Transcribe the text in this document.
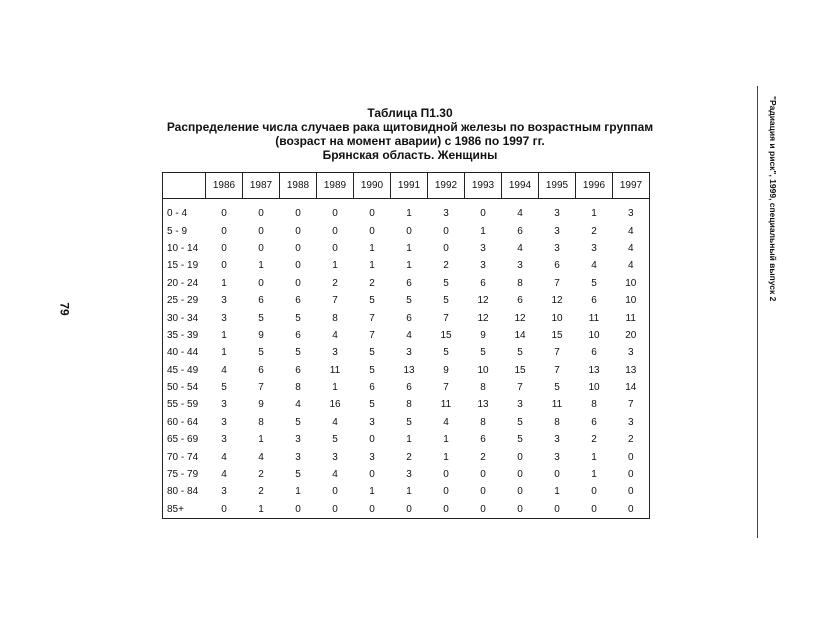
Таблица П1.30
Распределение числа случаев рака щитовидной железы по возрастным группам
(возраст на момент аварии) с 1986 по 1997 гг.
Брянская область. Женщины
	1986	1987	1988	1989	1990	1991	1992	1993	1994	1995	1996	1997
0 - 4	0	0	0	0	0	1	3	0	4	3	1	3
5 - 9	0	0	0	0	0	0	0	1	6	3	2	4
10 - 14	0	0	0	0	1	1	0	3	4	3	3	4
15 - 19	0	1	0	1	1	1	2	3	3	6	4	4
20 - 24	1	0	0	2	2	6	5	6	8	7	5	10
25 - 29	3	6	6	7	5	5	5	12	6	12	6	10
30 - 34	3	5	5	8	7	6	7	12	12	10	11	11
35 - 39	1	9	6	4	7	4	15	9	14	15	10	20
40 - 44	1	5	5	3	5	3	5	5	5	7	6	3
45 - 49	4	6	6	11	5	13	9	10	15	7	13	13
50 - 54	5	7	8	1	6	6	7	8	7	5	10	14
55 - 59	3	9	4	16	5	8	11	13	3	11	8	7
60 - 64	3	8	5	4	3	5	4	8	5	8	6	3
65 - 69	3	1	3	5	0	1	1	6	5	3	2	2
70 - 74	4	4	3	3	3	2	1	2	0	3	1	0
75 - 79	4	2	5	4	0	3	0	0	0	0	1	0
80 - 84	3	2	1	0	1	1	0	0	0	1	0	0
85+	0	1	0	0	0	0	0	0	0	0	0	0
79
"Радиация и риск", 1999, специальный выпуск 2
